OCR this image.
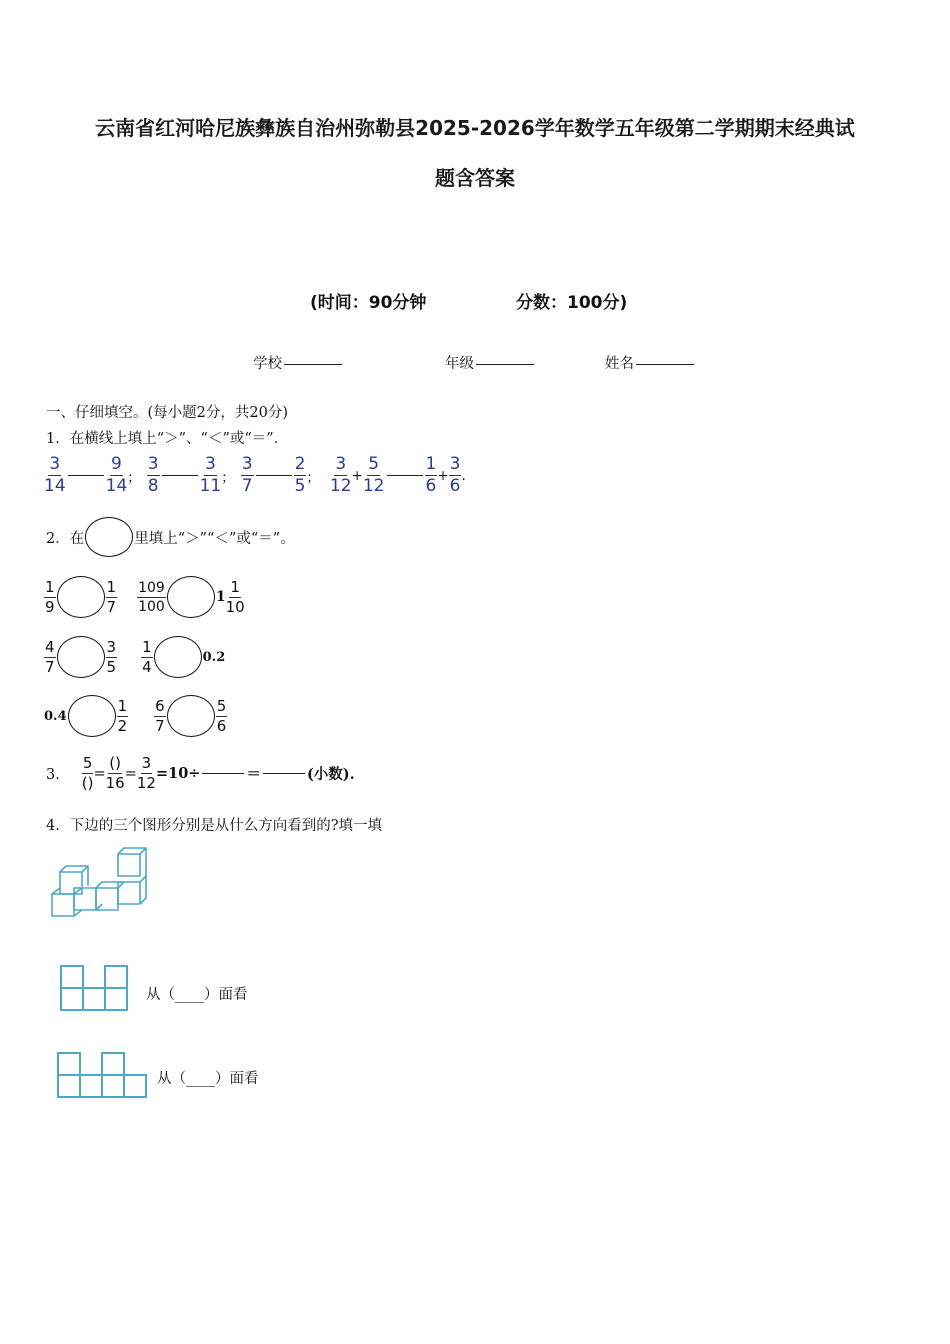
云南省红河哈尼族彝族自治州弥勒县2025-2026学年数学五年级第二学期期末经典试
题含答案
(时间：90分钟	分数：100分)
学校	年级	姓名
一、仔细填空。(每小题2分，共20分)
1．在横线上填上“＞”、“＜”或“＝”．
$\frac{3}{14} \frac{9}{14}$ ； $\frac{3}{8} \frac{3}{11}$ ； $\frac{3}{7} \frac{2}{5}$ ； $\frac{3}{12} + \frac{5}{12} \frac{1}{6} + \frac{3}{6}$ .
2．在	里填上“＞”“＜”或“＝”。
$\frac{1}{9}$	$\frac{1}{7} \frac{109}{100}$	$1 \frac{1}{10}$
$\frac{4}{7}$	$\frac{3}{5} \frac{1}{4}$	0.2
0.4	$\frac{1}{2} \frac{6}{7}$	$\frac{5}{6}$
3． $\frac{5}{()} = \frac{()}{16} = \frac{3}{12} =10\div$	＝	(小数).
4．下边的三个图形分别是从什么方向看到的?填一填
从（____）面看
从（____）面看
